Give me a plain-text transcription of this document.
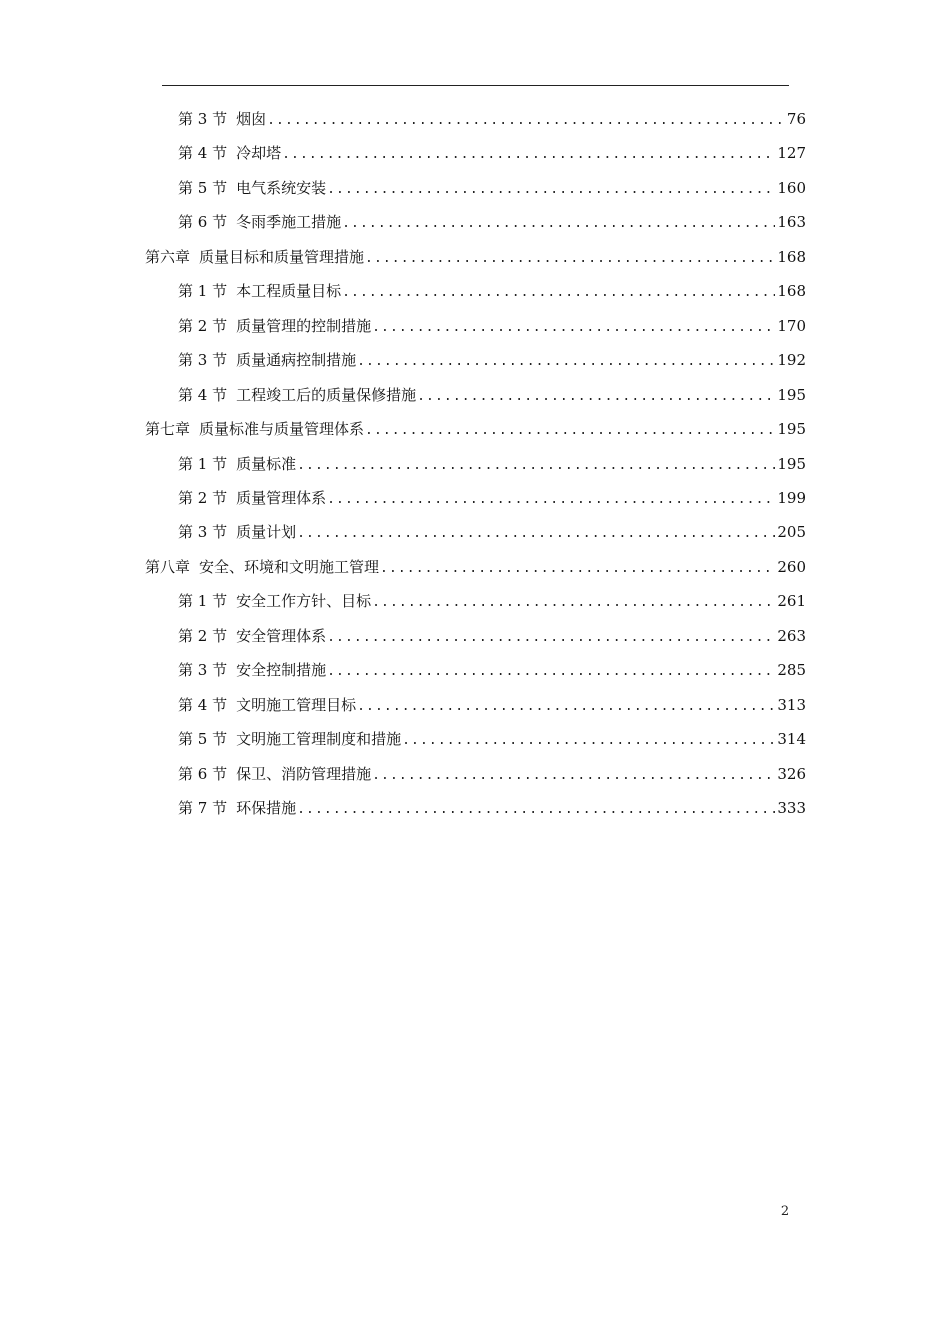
第 3 节 烟囱 .....	76
第 4 节 冷却塔 .....	127
第 5 节 电气系统安装 .....	160
第 6 节 冬雨季施工措施 .....	163
第六章 质量目标和质量管理措施 .....	168
第 1 节 本工程质量目标 .....	168
第 2 节 质量管理的控制措施 .....	170
第 3 节 质量通病控制措施 .....	192
第 4 节 工程竣工后的质量保修措施 .....	195
第七章 质量标准与质量管理体系 .....	195
第 1 节 质量标准 .....	195
第 2 节 质量管理体系 .....	199
第 3 节 质量计划 .....	205
第八章 安全、环境和文明施工管理 .....	260
第 1 节 安全工作方针、目标 .....	261
第 2 节 安全管理体系 .....	263
第 3 节 安全控制措施 .....	285
第 4 节 文明施工管理目标 .....	313
第 5 节 文明施工管理制度和措施 .....	314
第 6 节 保卫、消防管理措施 .....	326
第 7 节 环保措施 .....	333
2
